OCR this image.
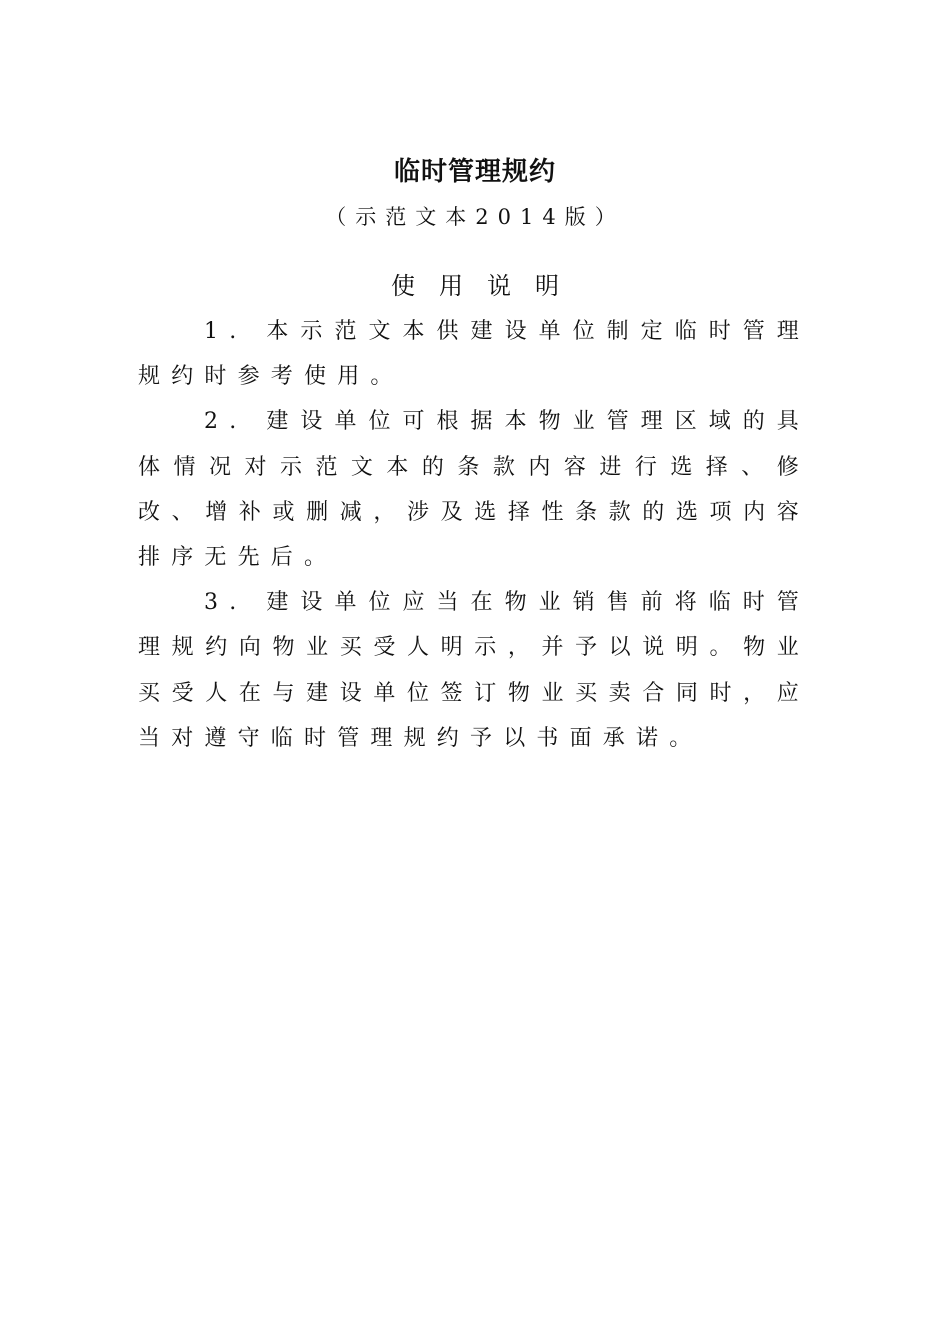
临时管理规约
（示范文本2014版）
使用说明

1. 本示范文本供建设单位制定临时管理规约时参考使用。

2. 建设单位可根据本物业管理区域的具体情况对示范文本的条款内容进行选择、修改、增补或删减，涉及选择性条款的选项内容排序无先后。

3. 建设单位应当在物业销售前将临时管理规约向物业买受人明示，并予以说明。物业买受人在与建设单位签订物业买卖合同时，应当对遵守临时管理规约予以书面承诺。
